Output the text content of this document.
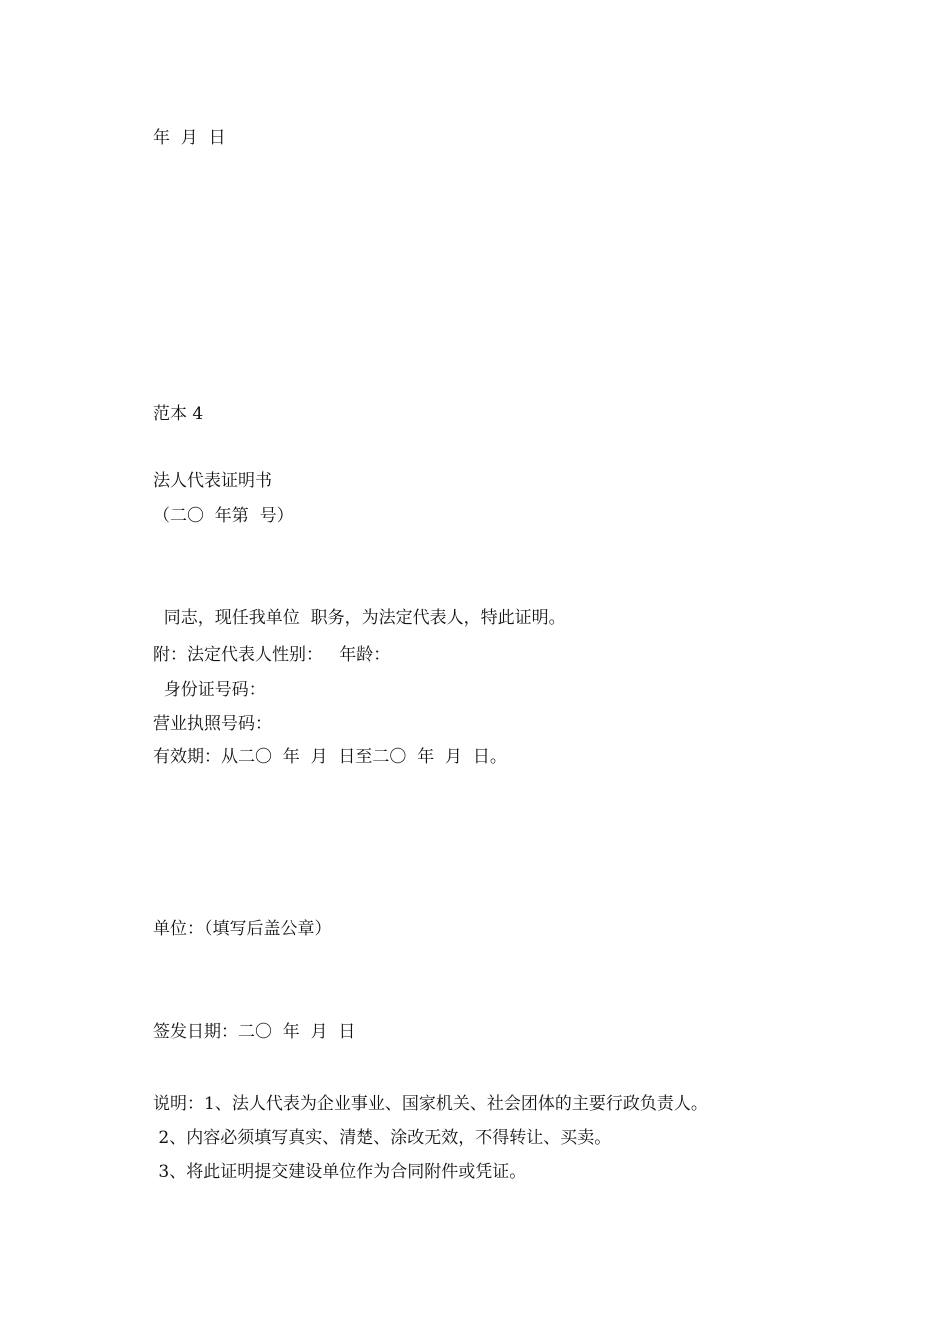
年  月  日
范本 4
法人代表证明书
（二〇  年第  号）
同志，现任我单位  职务，为法定代表人，特此证明。
附：法定代表人性别：   年龄：
身份证号码：
营业执照号码：
有效期：从二〇  年  月  日至二〇  年  月  日。
单位：（填写后盖公章）
签发日期：二〇  年  月  日
说明：1、法人代表为企业事业、国家机关、社会团体的主要行政负责人。
2、内容必须填写真实、清楚、涂改无效，不得转让、买卖。
3、将此证明提交建设单位作为合同附件或凭证。
